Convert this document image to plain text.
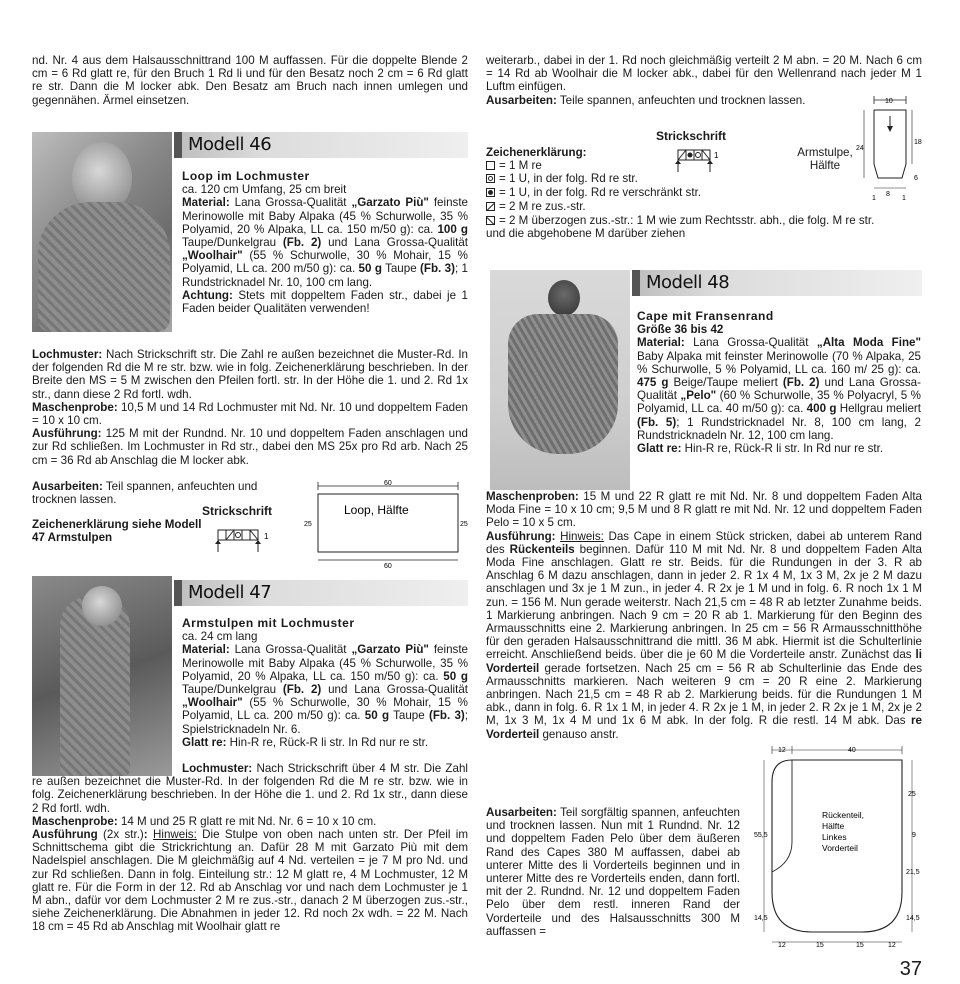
nd. Nr. 4 aus dem Halsausschnittrand 100 M auffassen. Für die doppelte Blende 2 cm = 6 Rd glatt re, für den Bruch 1 Rd li und für den Besatz noch 2 cm = 6 Rd glatt re str. Dann die M locker abk. Den Besatz am Bruch nach innen umlegen und gegennähen. Ärmel einsetzen.

Modell 46

Loop im Lochmuster

ca. 120 cm Umfang, 25 cm breit

Material: Lana Grossa-Qualität „Garzato Più" feinste Merinowolle mit Baby Alpaka (45 % Schurwolle, 35 % Polyamid, 20 % Alpaka, LL ca. 150 m/50 g): ca. 100 g Taupe/Dunkelgrau (Fb. 2) und Lana Grossa-Qualität „Woolhair" (55 % Schurwolle, 30 % Mohair, 15 % Polyamid, LL ca. 200 m/50 g): ca. 50 g Taupe (Fb. 3); 1 Rundstricknadel Nr. 10, 100 cm lang.

Achtung: Stets mit doppeltem Faden str., dabei je 1 Faden beider Qualitäten verwenden!

Lochmuster: Nach Strickschrift str. Die Zahl re außen bezeichnet die Muster-Rd. In der folgenden Rd die M re str. bzw. wie in folg. Zeichenerklärung beschrieben. In der Breite den MS = 5 M zwischen den Pfeilen fortl. str. In der Höhe die 1. und 2. Rd 1x str., dann diese 2 Rd fortl. wdh.

Maschenprobe: 10,5 M und 14 Rd Lochmuster mit Nd. Nr. 10 und doppeltem Faden = 10 x 10 cm.

Ausführung: 125 M mit der Rundnd. Nr. 10 und doppeltem Faden anschlagen und zur Rd schließen. Im Lochmuster in Rd str., dabei den MS 25x pro Rd arb. Nach 25 cm = 36 Rd ab Anschlag die M locker abk.

Ausarbeiten: Teil spannen, anfeuchten und trocknen lassen.

Zeichenerklärung siehe Modell 47 Armstulpen

Strickschrift
1
60
Loop, Hälfte
25	25
60
Modell 47

Armstulpen mit Lochmuster

ca. 24 cm lang

Material: Lana Grossa-Qualität „Garzato Più" feinste Merinowolle mit Baby Alpaka (45 % Schurwolle, 35 % Polyamid, 20 % Alpaka, LL ca. 150 m/50 g): ca. 50 g Taupe/Dunkelgrau (Fb. 2) und Lana Grossa-Qualität „Woolhair" (55 % Schurwolle, 30 % Mohair, 15 % Polyamid, LL ca. 200 m/50 g): ca. 50 g Taupe (Fb. 3); Spielstricknadeln Nr. 6.

Glatt re: Hin-R re, Rück-R li str. In Rd nur re str.

Lochmuster: Nach Strickschrift über 4 M str. Die Zahl re außen bezeichnet die Muster-Rd. In der folgenden Rd die M re str. bzw. wie in folg. Zeichenerklärung beschrieben. In der Höhe die 1. und 2. Rd 1x str., dann diese 2 Rd fortl. wdh.

Maschenprobe: 14 M und 25 R glatt re mit Nd. Nr. 6 = 10 x 10 cm.

Ausführung (2x str.): Hinweis: Die Stulpe von oben nach unten str. Der Pfeil im Schnittschema gibt die Strickrichtung an. Dafür 28 M mit Garzato Più mit dem Nadelspiel anschlagen. Die M gleichmäßig auf 4 Nd. verteilen = je 7 M pro Nd. und zur Rd schließen. Dann in folg. Einteilung str.: 12 M glatt re, 4 M Lochmuster, 12 M glatt re. Für die Form in der 12. Rd ab Anschlag vor und nach dem Lochmuster je 1 M abn., dafür vor dem Lochmuster 2 M re zus.-str., danach 2 M überzogen zus.-str., siehe Zeichenerklärung. Die Abnahmen in jeder 12. Rd noch 2x wdh. = 22 M. Nach 18 cm = 45 Rd ab Anschlag mit Woolhair glatt re

weiterarb., dabei in der 1. Rd noch gleichmäßig verteilt 2 M abn. = 20 M. Nach 6 cm = 14 Rd ab Woolhair die M locker abk., dabei für den Wellenrand nach jeder M 1 Luftm einfügen.

Ausarbeiten: Teile spannen, anfeuchten und trocknen lassen.

Strickschrift
1
Zeichenerklärung:
= 1 M re
= 1 U, in der folg. Rd re str.
= 1 U, in der folg. Rd re verschränkt str.
= 2 M re zus.-str.
= 2 M überzogen zus.-str.: 1 M wie zum Rechtsstr. abh., die folg. M re str. und die abgehobene M darüber ziehen

Armstulpe,

Hälfte

10
24
18
6
1
8
1
Modell 48

Cape mit Fransenrand

Größe 36 bis 42

Material: Lana Grossa-Qualität „Alta Moda Fine" Baby Alpaka mit feinster Merinowolle (70 % Alpaka, 25 % Schurwolle, 5 % Polyamid, LL ca. 160 m/ 25 g): ca. 475 g Beige/Taupe meliert (Fb. 2) und Lana Grossa-Qualität „Pelo" (60 % Schurwolle, 35 % Polyacryl, 5 % Polyamid, LL ca. 40 m/50 g): ca. 400 g Hellgrau meliert (Fb. 5); 1 Rundstricknadel Nr. 8, 100 cm lang, 2 Rundstricknadeln Nr. 12, 100 cm lang.

Glatt re: Hin-R re, Rück-R li str. In Rd nur re str.

Maschenproben: 15 M und 22 R glatt re mit Nd. Nr. 8 und doppeltem Faden Alta Moda Fine = 10 x 10 cm; 9,5 M und 8 R glatt re mit Nd. Nr. 12 und doppeltem Faden Pelo = 10 x 5 cm.

Ausführung: Hinweis: Das Cape in einem Stück stricken, dabei ab unterem Rand des Rückenteils beginnen. Dafür 110 M mit Nd. Nr. 8 und doppeltem Faden Alta Moda Fine anschlagen. Glatt re str. Beids. für die Rundungen in der 3. R ab Anschlag 6 M dazu anschlagen, dann in jeder 2. R 1x 4 M, 1x 3 M, 2x je 2 M dazu anschlagen und 3x je 1 M zun., in jeder 4. R 2x je 1 M und in folg. 6. R noch 1x 1 M zun. = 156 M. Nun gerade weiterstr. Nach 21,5 cm = 48 R ab letzter Zunahme beids. 1 Markierung anbringen. Nach 9 cm = 20 R ab 1. Markierung für den Beginn des Armausschnitts eine 2. Markierung anbringen. In 25 cm = 56 R Armausschnitthöhe für den geraden Halsausschnittrand die mittl. 36 M abk. Hiermit ist die Schulterlinie erreicht. Anschließend beids. über die je 60 M die Vorderteile anstr. Zunächst das li Vorderteil gerade fortsetzen. Nach 25 cm = 56 R ab Schulterlinie das Ende des Armausschnitts markieren. Nach weiteren 9 cm = 20 R eine 2. Markierung anbringen. Nach 21,5 cm = 48 R ab 2. Markierung beids. für die Rundungen 1 M abk., dann in folg. 6. R 1x 1 M, in jeder 4. R 2x je 1 M, in jeder 2. R 2x je 1 M, 2x je 2 M, 1x 3 M, 1x 4 M und 1x 6 M abk. In der folg. R die restl. 14 M abk. Das re Vorderteil genauso anstr.

Ausarbeiten: Teil sorgfältig spannen, anfeuchten und trocknen lassen. Nun mit 1 Rundnd. Nr. 12 und doppeltem Faden Pelo über dem äußeren Rand des Capes 380 M auffassen, dabei ab unterer Mitte des li Vorderteils beginnen und in unterer Mitte des re Vorderteils enden, dann fortl. mit der 2. Rundnd. Nr. 12 und doppeltem Faden Pelo über dem restl. inneren Rand der Vorderteile und des Halsausschnitts 300 M auffassen =

12	40
Rückenteil,
Hälfte
Linkes
Vorderteil
55,5
14,5
25
9
21,5
14,5
12	15	15	12
37
